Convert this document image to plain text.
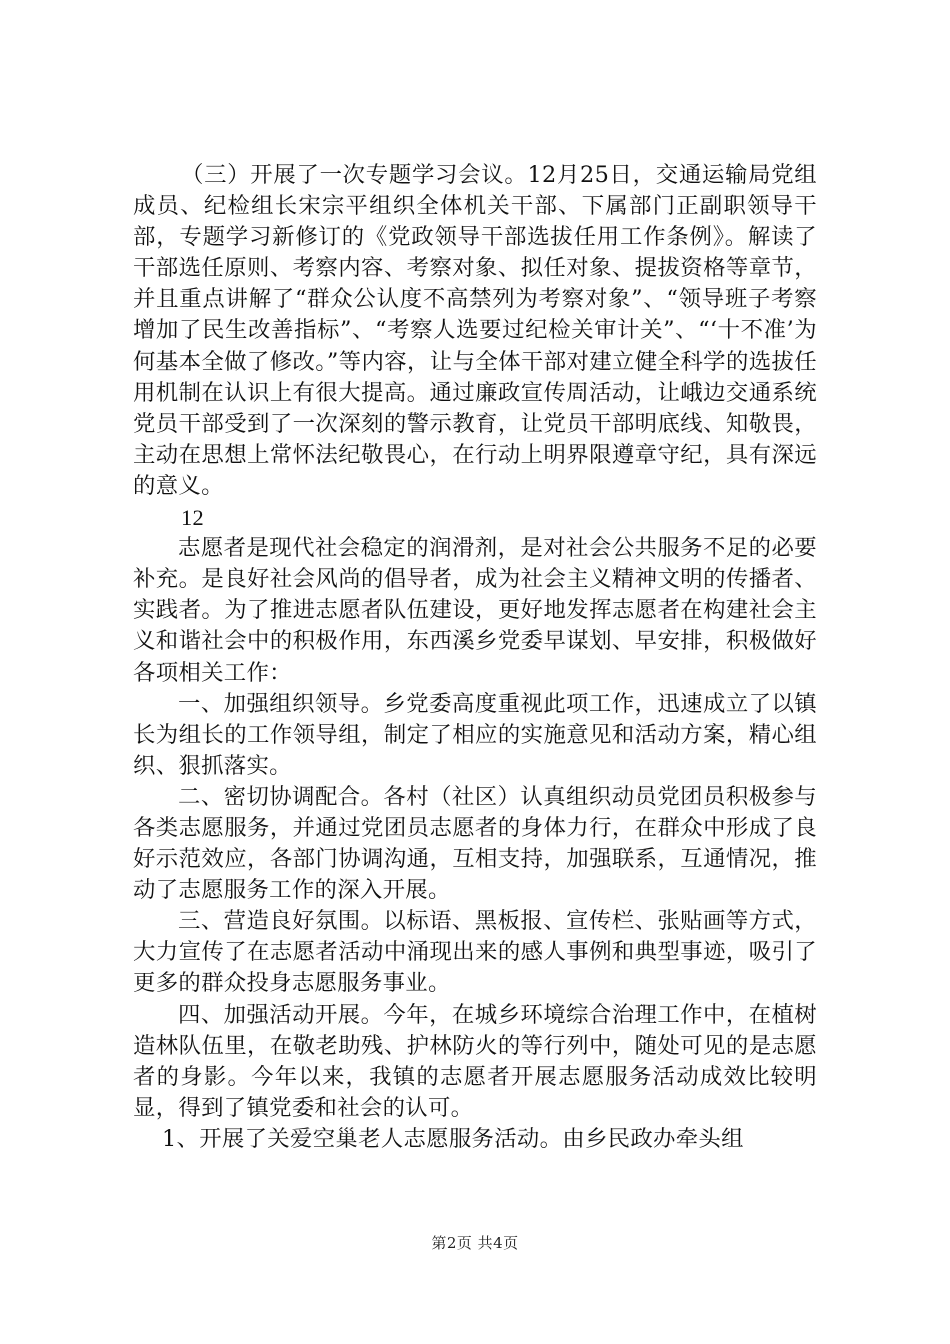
（三）开展了一次专题学习会议。12月25日，交通运输局党组成员、纪检组长宋宗平组织全体机关干部、下属部门正副职领导干部，专题学习新修订的《党政领导干部选拔任用工作条例》。解读了干部选任原则、考察内容、考察对象、拟任对象、提拔资格等章节，并且重点讲解了“群众公认度不高禁列为考察对象”、“领导班子考察增加了民生改善指标”、“考察人选要过纪检关审计关”、“‘十不准’为何基本全做了修改。”等内容，让与全体干部对建立健全科学的选拔任用机制在认识上有很大提高。通过廉政宣传周活动，让峨边交通系统党员干部受到了一次深刻的警示教育，让党员干部明底线、知敬畏，主动在思想上常怀法纪敬畏心，在行动上明界限遵章守纪，具有深远的意义。

12

志愿者是现代社会稳定的润滑剂，是对社会公共服务不足的必要补充。是良好社会风尚的倡导者，成为社会主义精神文明的传播者、实践者。为了推进志愿者队伍建设，更好地发挥志愿者在构建社会主义和谐社会中的积极作用，东西溪乡党委早谋划、早安排，积极做好各项相关工作：

一、加强组织领导。乡党委高度重视此项工作，迅速成立了以镇长为组长的工作领导组，制定了相应的实施意见和活动方案，精心组织、狠抓落实。

二、密切协调配合。各村（社区）认真组织动员党团员积极参与各类志愿服务，并通过党团员志愿者的身体力行，在群众中形成了良好示范效应，各部门协调沟通，互相支持，加强联系，互通情况，推动了志愿服务工作的深入开展。

三、营造良好氛围。以标语、黑板报、宣传栏、张贴画等方式，大力宣传了在志愿者活动中涌现出来的感人事例和典型事迹，吸引了更多的群众投身志愿服务事业。

四、加强活动开展。今年，在城乡环境综合治理工作中，在植树造林队伍里，在敬老助残、护林防火的等行列中，随处可见的是志愿者的身影。今年以来，我镇的志愿者开展志愿服务活动成效比较明显，得到了镇党委和社会的认可。

1、开展了关爱空巢老人志愿服务活动。由乡民政办牵头组

第2页 共4页
